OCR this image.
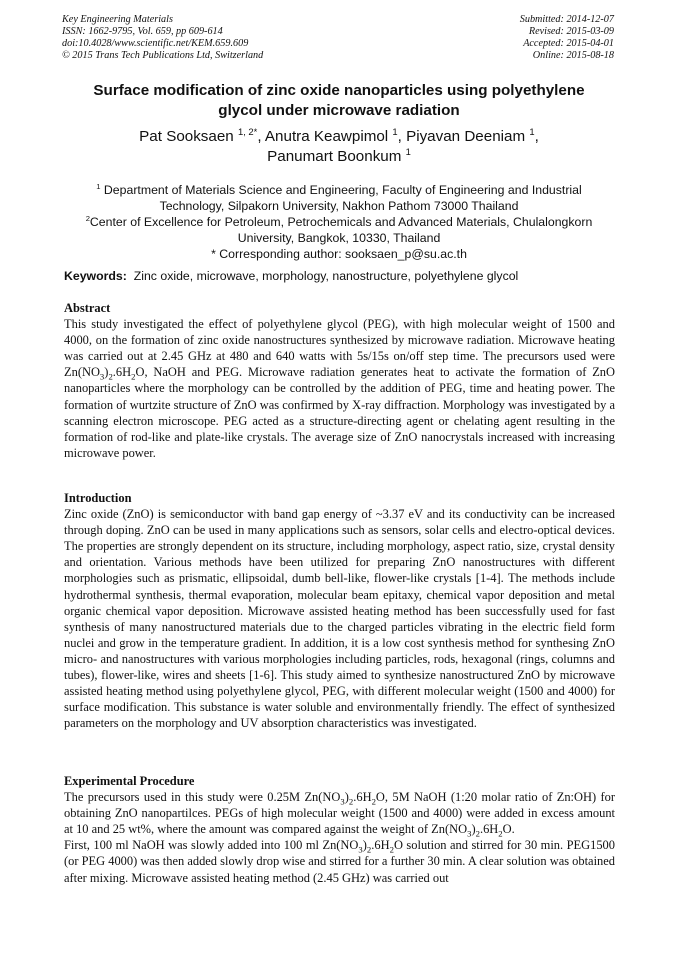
Key Engineering Materials
ISSN: 1662-9795, Vol. 659, pp 609-614
doi:10.4028/www.scientific.net/KEM.659.609
© 2015 Trans Tech Publications Ltd, Switzerland
Submitted: 2014-12-07
Revised: 2015-03-09
Accepted: 2015-04-01
Online: 2015-08-18
Surface modification of zinc oxide nanoparticles using polyethylene
glycol under microwave radiation
Pat Sooksaen $^{1, 2*}$, Anutra Keawpimol $^1$, Piyavan Deeniam $^1$,
Panumart Boonkum $^1$
$^1$ Department of Materials Science and Engineering, Faculty of Engineering and Industrial
Technology, Silpakorn University, Nakhon Pathom 73000 Thailand
$^2$Center of Excellence for Petroleum, Petrochemicals and Advanced Materials, Chulalongkorn
University, Bangkok, 10330, Thailand
* Corresponding author: sooksaen_p@su.ac.th
Keywords:  Zinc oxide, microwave, morphology, nanostructure, polyethylene glycol
Abstract

This study investigated the effect of polyethylene glycol (PEG), with high molecular weight of 1500 and 4000, on the formation of zinc oxide nanostructures synthesized by microwave radiation. Microwave heating was carried out at 2.45 GHz at 480 and 640 watts with 5s/15s on/off step time. The precursors used were $Zn(NO_3)_2.6H_2O$, NaOH and PEG. Microwave radiation generates heat to activate the formation of ZnO nanoparticles where the morphology can be controlled by the addition of PEG, time and heating power. The formation of wurtzite structure of ZnO was confirmed by X-ray diffraction. Morphology was investigated by a scanning electron microscope. PEG acted as a structure-directing agent or chelating agent resulting in the formation of rod-like and plate-like crystals. The average size of ZnO nanocrystals increased with increasing microwave power.

Introduction

Zinc oxide (ZnO) is semiconductor with band gap energy of ~3.37 eV and its conductivity can be increased through doping. ZnO can be used in many applications such as sensors, solar cells and electro-optical devices. The properties are strongly dependent on its structure, including morphology, aspect ratio, size, crystal density and orientation. Various methods have been utilized for preparing ZnO nanostructures with different morphologies such as prismatic, ellipsoidal, dumb bell-like, flower-like crystals [1-4]. The methods include hydrothermal synthesis, thermal evaporation, molecular beam epitaxy, chemical vapor deposition and metal organic chemical vapor deposition. Microwave assisted heating method has been successfully used for fast synthesis of many nanostructured materials due to the charged particles vibrating in the electric field form nuclei and grow in the temperature gradient. In addition, it is a low cost synthesis method for synthesing ZnO micro- and nanostructures with various morphologies including particles, rods, hexagonal (rings, columns and tubes), flower-like, wires and sheets [1-6]. This study aimed to synthesize nanostructured ZnO by microwave assisted heating method using polyethylene glycol, PEG, with different molecular weight (1500 and 4000) for surface modification. This substance is water soluble and environmentally friendly. The effect of synthesized parameters on the morphology and UV absorption characteristics was investigated.

Experimental Procedure

The precursors used in this study were 0.25M $Zn(NO_3)_2.6H_2O$, 5M NaOH (1:20 molar ratio of Zn:OH) for obtaining ZnO nanopartilces. PEGs of high molecular weight (1500 and 4000) were added in excess amount at 10 and 25 wt%, where the amount was compared against the weight of $Zn(NO_3)_2.6H_2O$.

First, 100 ml NaOH was slowly added into 100 ml $Zn(NO_3)_2.6H_2O$ solution and stirred for 30 min. PEG1500 (or PEG 4000) was then added slowly drop wise and stirred for a further 30 min. A clear solution was obtained after mixing. Microwave assisted heating method (2.45 GHz) was carried out
